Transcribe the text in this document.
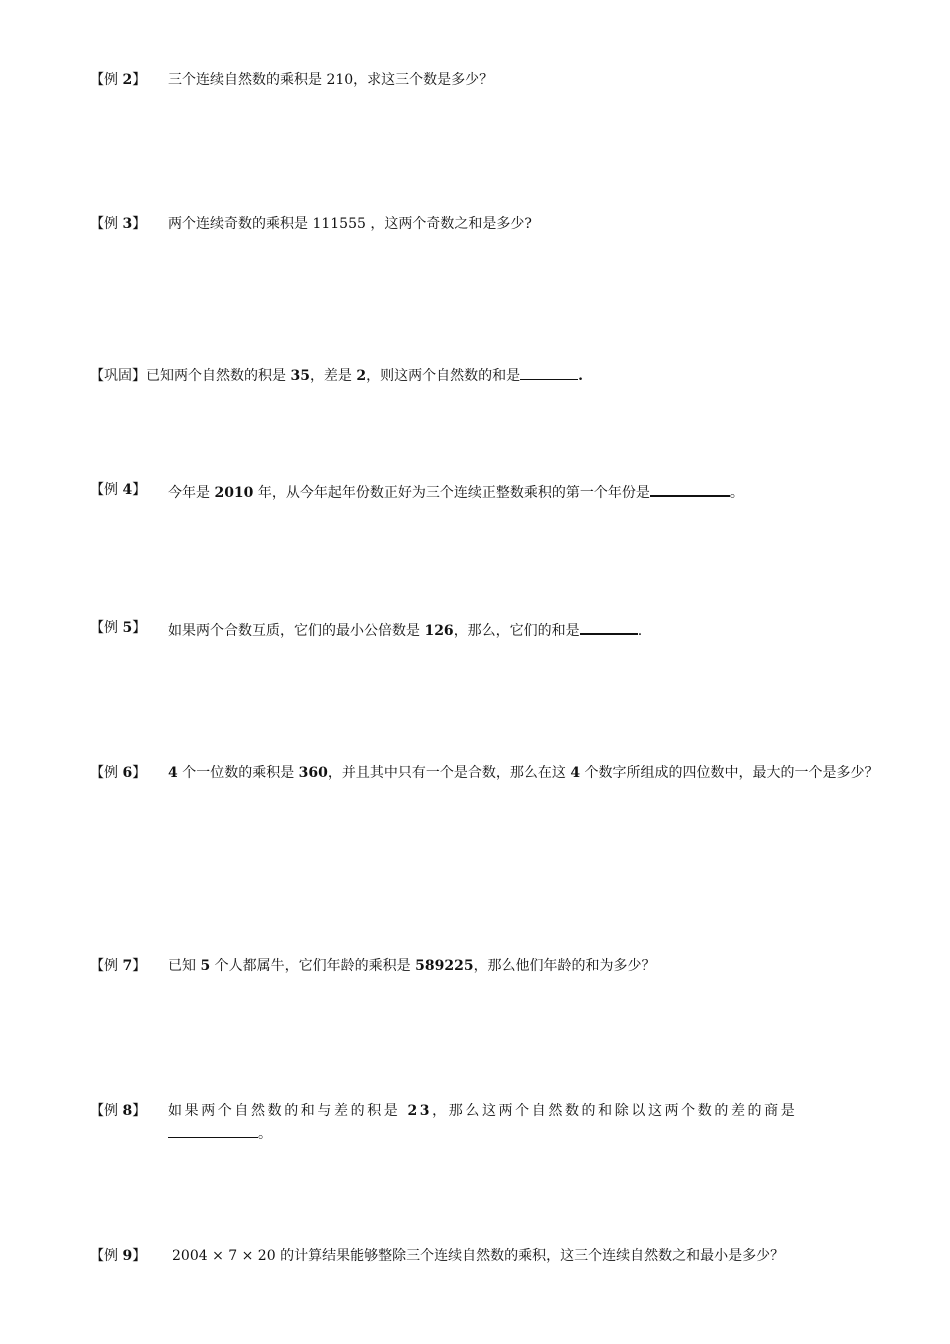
【例 2】 三个连续自然数的乘积是 210，求这三个数是多少？
【例 3】 两个连续奇数的乘积是 111555 ，这两个奇数之和是多少?
【巩固】已知两个自然数的积是 35，差是 2，则这两个自然数的和是	.
【例 4】 今年是 2010 年，从今年起年份数正好为三个连续正整数乘积的第一个年份是	。
【例 5】 如果两个合数互质，它们的最小公倍数是 126，那么，它们的和是	.
【例 6】 4 个一位数的乘积是 360，并且其中只有一个是合数，那么在这 4 个数字所组成的四位数中，最大的一个是多少？
【例 7】 已知 5 个人都属牛，它们年龄的乘积是 589225，那么他们年龄的和为多少？
【例 8】 如果两个自然数的和与差的积是 23，那么这两个自然数的和除以这两个数的差的商是
。
【例 9】 2004 × 7 × 20 的计算结果能够整除三个连续自然数的乘积，这三个连续自然数之和最小是多少？
